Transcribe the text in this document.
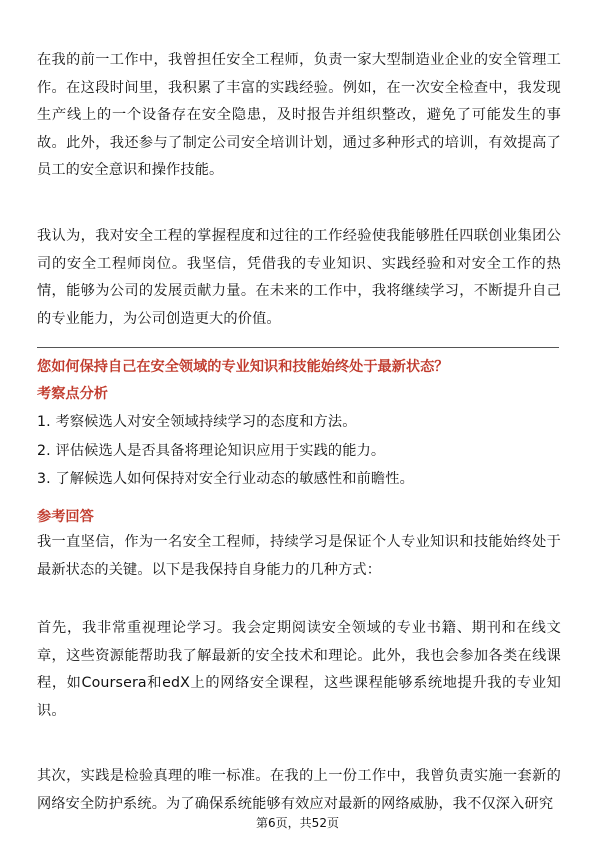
在我的前一工作中，我曾担任安全工程师，负责一家大型制造业企业的安全管理工作。在这段时间里，我积累了丰富的实践经验。例如，在一次安全检查中，我发现生产线上的一个设备存在安全隐患，及时报告并组织整改，避免了可能发生的事故。此外，我还参与了制定公司安全培训计划，通过多种形式的培训，有效提高了员工的安全意识和操作技能。
我认为，我对安全工程的掌握程度和过往的工作经验使我能够胜任四联创业集团公司的安全工程师岗位。我坚信，凭借我的专业知识、实践经验和对安全工作的热情，能够为公司的发展贡献力量。在未来的工作中，我将继续学习，不断提升自己的专业能力，为公司创造更大的价值。
您如何保持自己在安全领域的专业知识和技能始终处于最新状态？
考察点分析
1. 考察候选人对安全领域持续学习的态度和方法。
2. 评估候选人是否具备将理论知识应用于实践的能力。
3. 了解候选人如何保持对安全行业动态的敏感性和前瞻性。
参考回答
我一直坚信，作为一名安全工程师，持续学习是保证个人专业知识和技能始终处于最新状态的关键。以下是我保持自身能力的几种方式：
首先，我非常重视理论学习。我会定期阅读安全领域的专业书籍、期刊和在线文章，这些资源能帮助我了解最新的安全技术和理论。此外，我也会参加各类在线课程，如Coursera和edX上的网络安全课程，这些课程能够系统地提升我的专业知识。
其次，实践是检验真理的唯一标准。在我的上一份工作中，我曾负责实施一套新的网络安全防护系统。为了确保系统能够有效应对最新的网络威胁，我不仅深入研究
第6页，共52页
